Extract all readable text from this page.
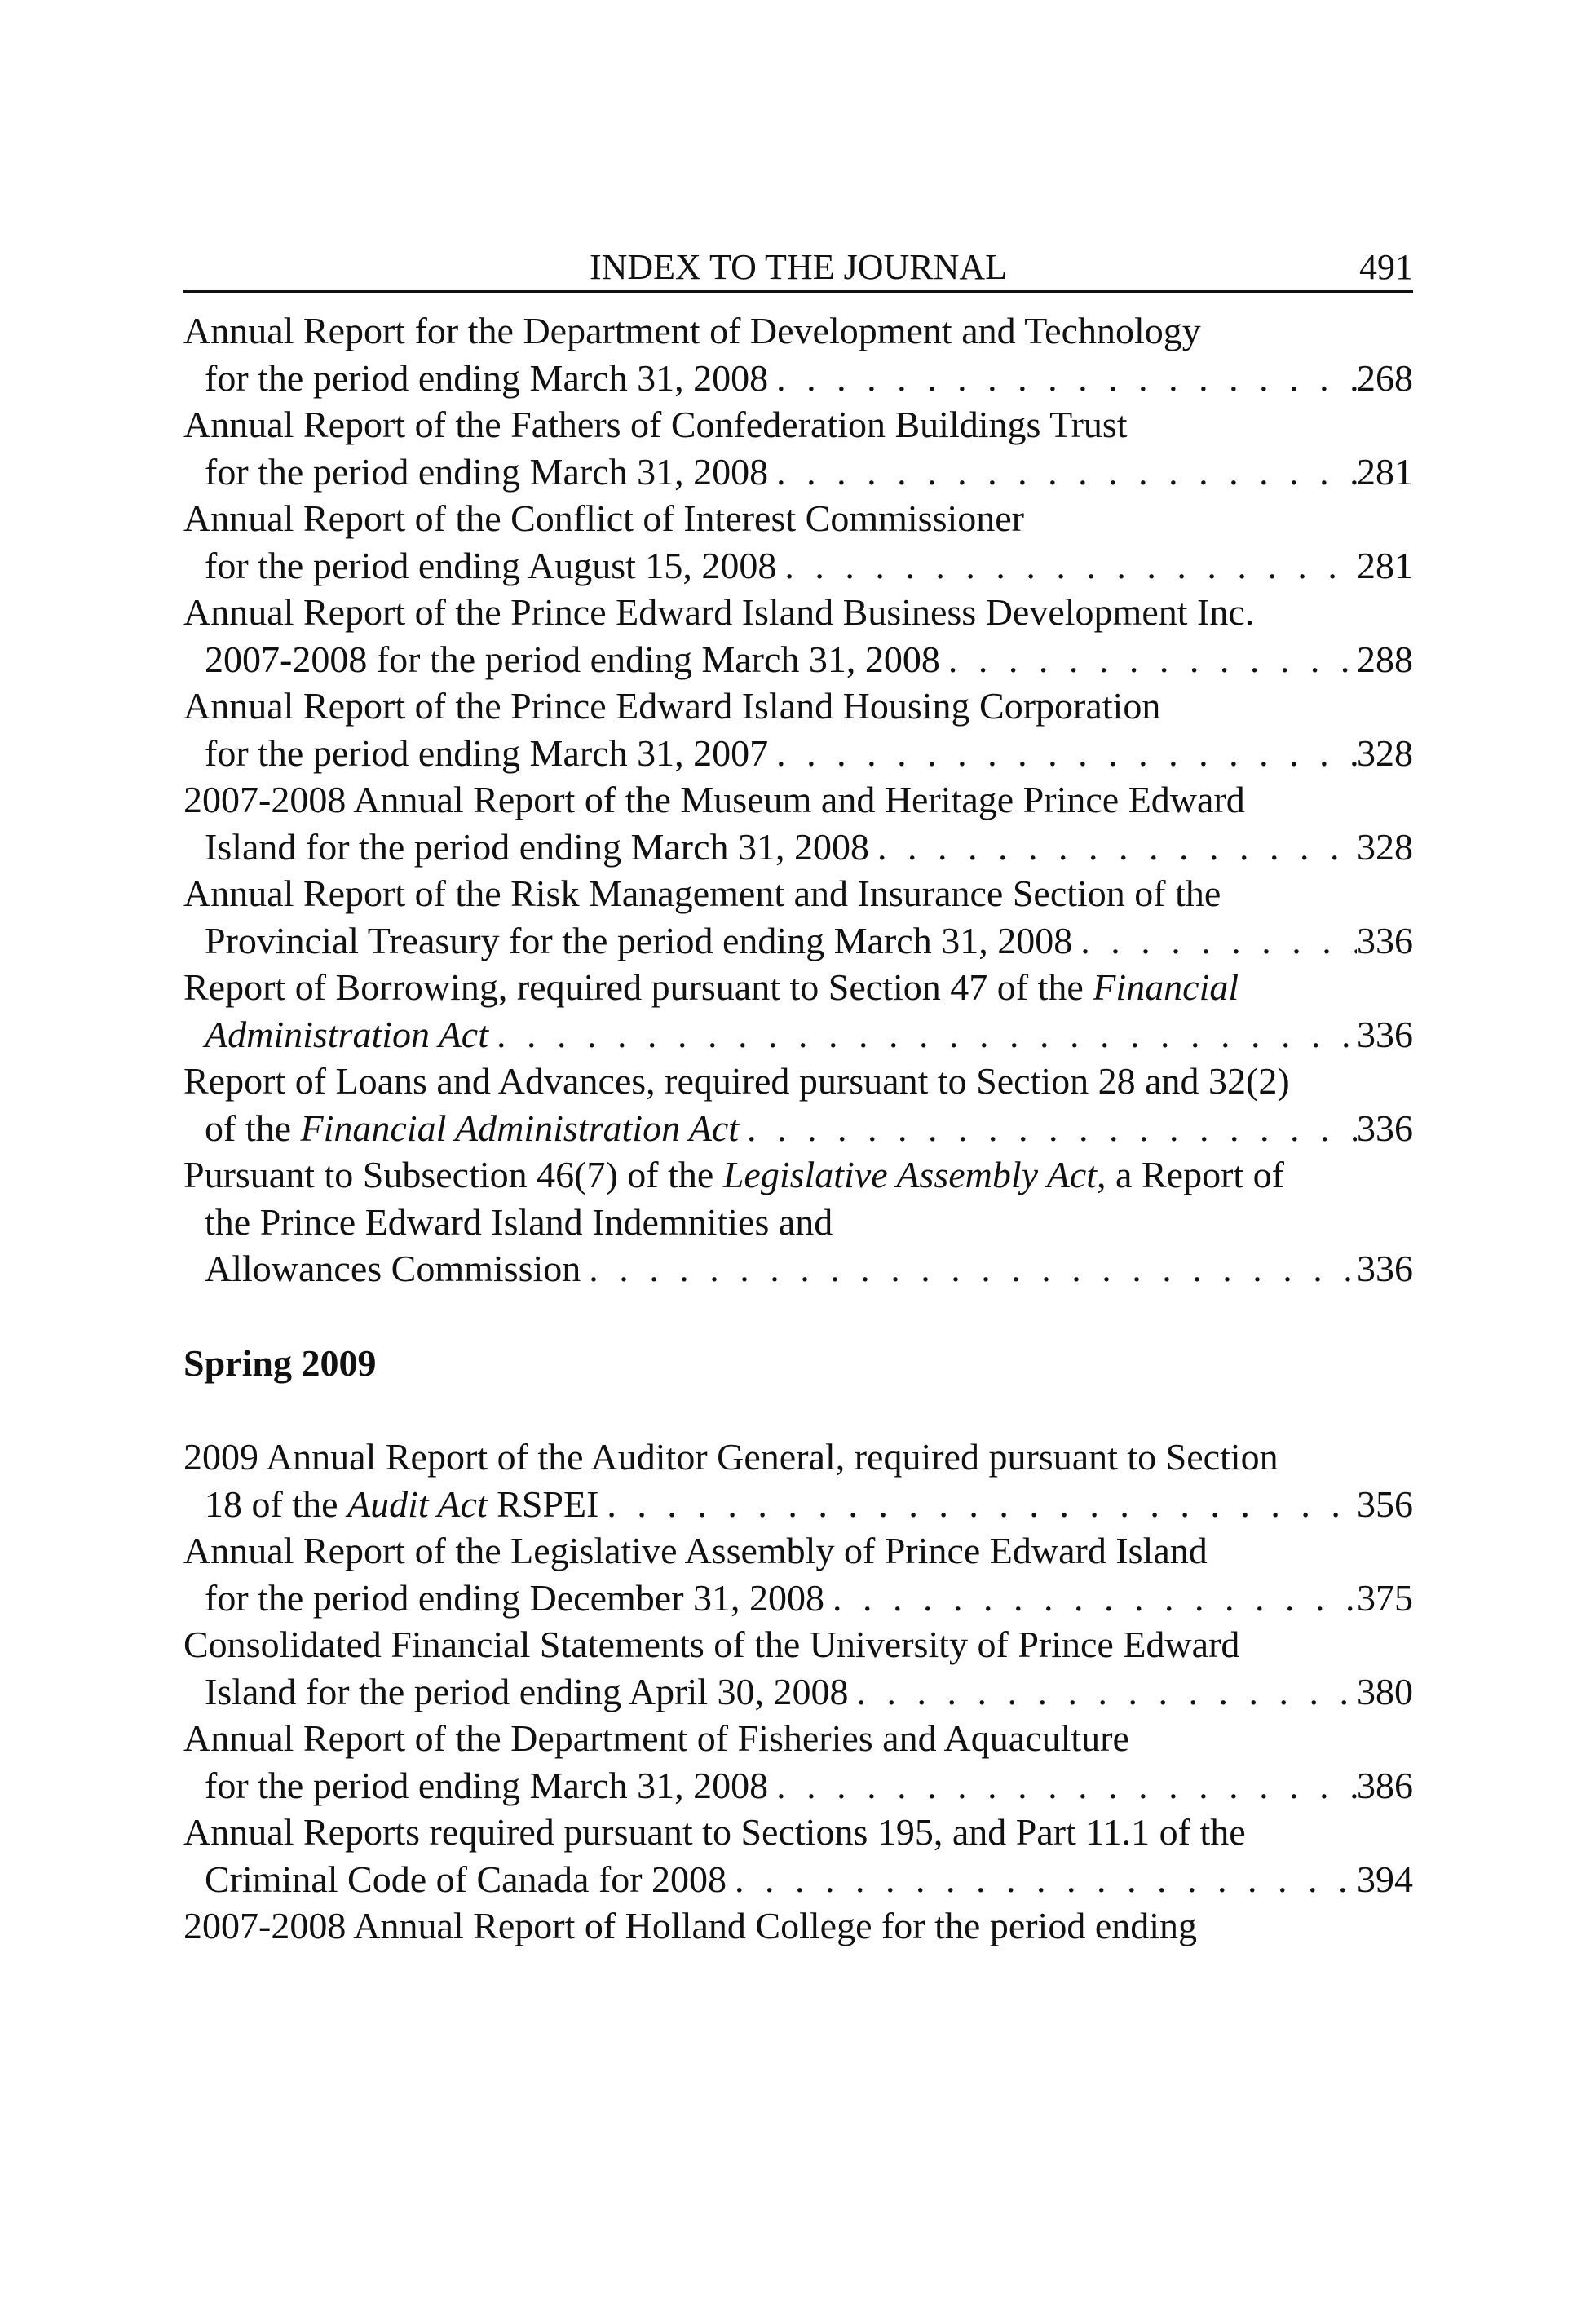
INDEX TO THE JOURNAL	491
Annual Report for the Department of Development and Technology
for the period ending March 31, 2008 . . .	268
Annual Report of the Fathers of Confederation Buildings Trust
for the period ending March 31, 2008 . . .	281
Annual Report of the Conflict of Interest Commissioner
for the period ending August 15, 2008 . . .	281
Annual Report of the Prince Edward Island Business Development Inc.
2007-2008 for the period ending March 31, 2008 . . .	288
Annual Report of the Prince Edward Island Housing Corporation
for the period ending March 31, 2007 . . .	328
2007-2008 Annual Report of the Museum and Heritage Prince Edward
Island for the period ending March 31, 2008 . . .	328
Annual Report of the Risk Management and Insurance Section of the
Provincial Treasury for the period ending March 31, 2008 . . .	336
Report of Borrowing, required pursuant to Section 47 of the Financial
Administration Act . . .	336
Report of Loans and Advances, required pursuant to Section 28 and 32(2)
of the Financial Administration Act . . .	336
Pursuant to Subsection 46(7) of the Legislative Assembly Act, a Report of
the Prince Edward Island Indemnities and
Allowances Commission . . .	336
Spring 2009
2009 Annual Report of the Auditor General, required pursuant to Section
18 of the Audit Act RSPEI . . .	356
Annual Report of the Legislative Assembly of Prince Edward Island
for the period ending December 31, 2008 . . .	375
Consolidated Financial Statements of the University of Prince Edward
Island for the period ending April 30, 2008 . . .	380
Annual Report of the Department of Fisheries and Aquaculture
for the period ending March 31, 2008 . . .	386
Annual Reports required pursuant to Sections 195, and Part 11.1 of the
Criminal Code of Canada for 2008 . . .	394
2007-2008 Annual Report of Holland College for the period ending
